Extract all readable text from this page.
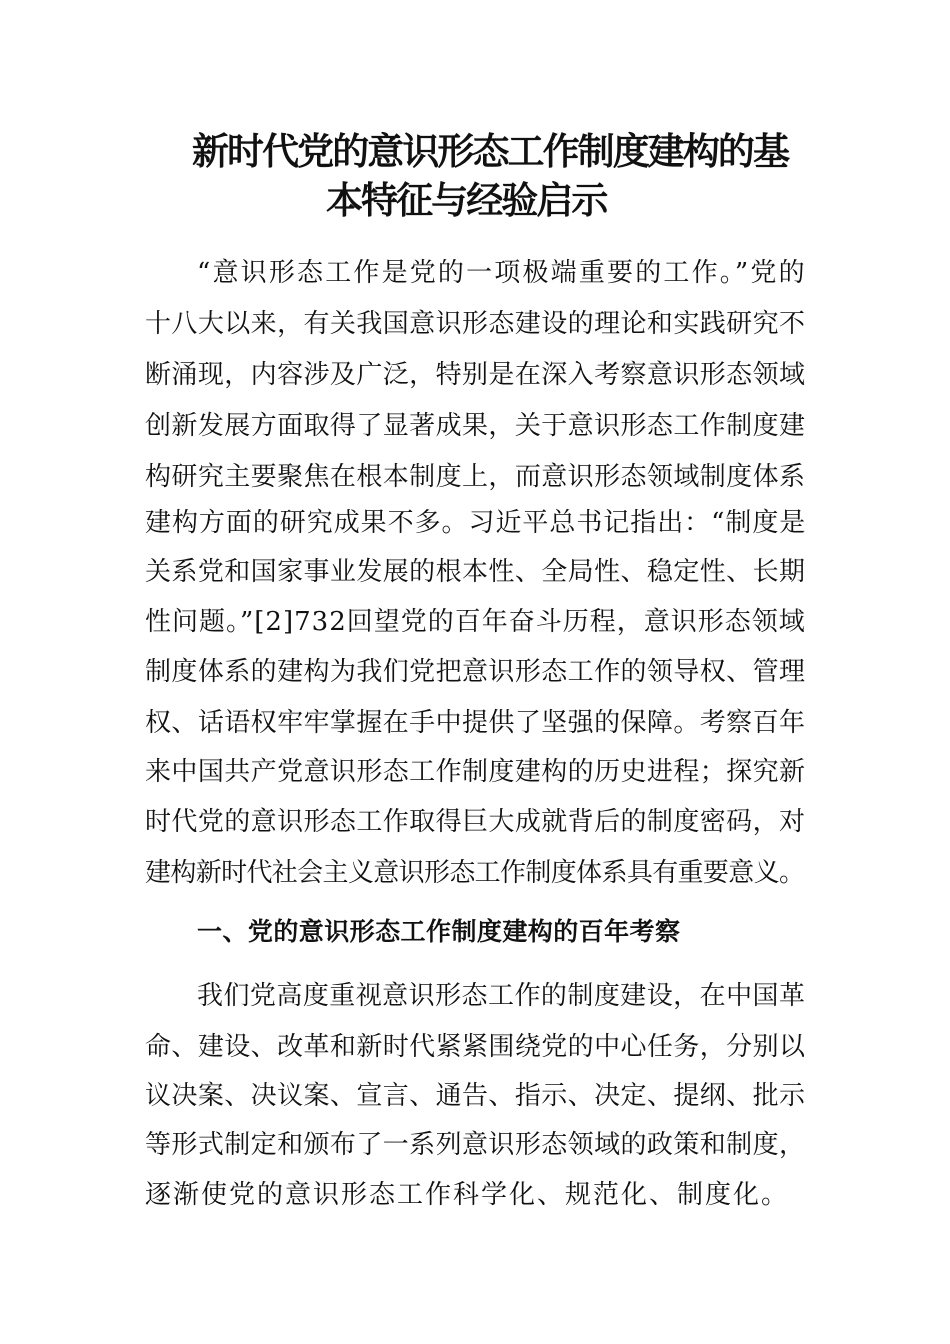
新时代党的意识形态工作制度建构的基
本特征与经验启示
“意识形态工作是党的一项极端重要的工作。”党的
十八大以来，有关我国意识形态建设的理论和实践研究不
断涌现，内容涉及广泛，特别是在深入考察意识形态领域
创新发展方面取得了显著成果，关于意识形态工作制度建
构研究主要聚焦在根本制度上，而意识形态领域制度体系
建构方面的研究成果不多。习近平总书记指出：“制度是
关系党和国家事业发展的根本性、全局性、稳定性、长期
性问题。”[2]732回望党的百年奋斗历程，意识形态领域
制度体系的建构为我们党把意识形态工作的领导权、管理
权、话语权牢牢掌握在手中提供了坚强的保障。考察百年
来中国共产党意识形态工作制度建构的历史进程；探究新
时代党的意识形态工作取得巨大成就背后的制度密码，对
建构新时代社会主义意识形态工作制度体系具有重要意义。
一、党的意识形态工作制度建构的百年考察
我们党高度重视意识形态工作的制度建设，在中国革
命、建设、改革和新时代紧紧围绕党的中心任务，分别以
议决案、决议案、宣言、通告、指示、决定、提纲、批示
等形式制定和颁布了一系列意识形态领域的政策和制度，
逐渐使党的意识形态工作科学化、规范化、制度化。
